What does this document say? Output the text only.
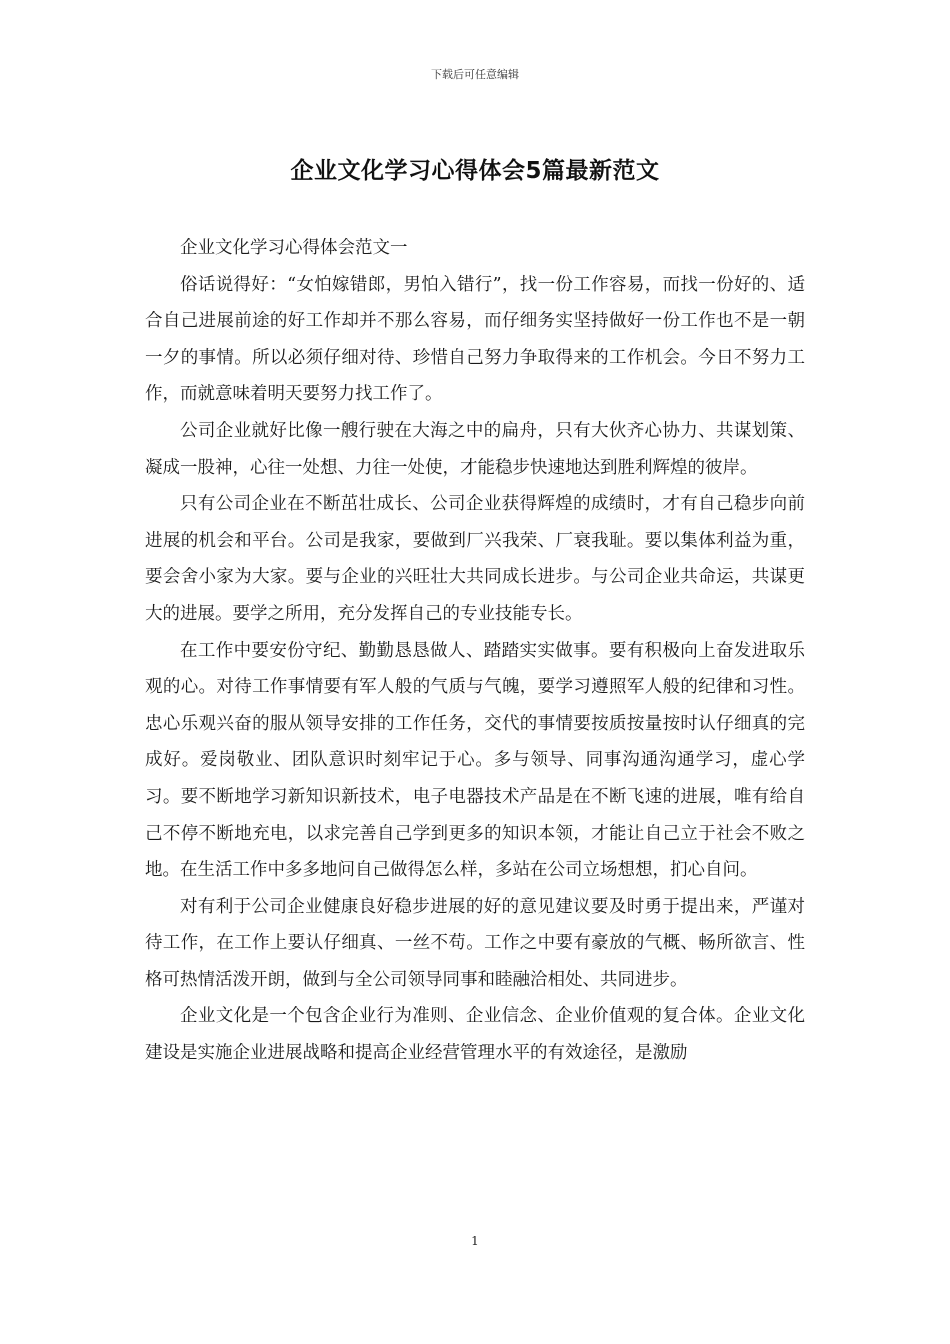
下载后可任意编辑
企业文化学习心得体会5篇最新范文

企业文化学习心得体会范文一

俗话说得好：“女怕嫁错郎，男怕入错行”，找一份工作容易，而找一份好的、适合自己进展前途的好工作却并不那么容易，而仔细务实坚持做好一份工作也不是一朝一夕的事情。所以必须仔细对待、珍惜自己努力争取得来的工作机会。今日不努力工作，而就意味着明天要努力找工作了。

公司企业就好比像一艘行驶在大海之中的扁舟，只有大伙齐心协力、共谋划策、凝成一股神，心往一处想、力往一处使，才能稳步快速地达到胜利辉煌的彼岸。

只有公司企业在不断茁壮成长、公司企业获得辉煌的成绩时，才有自己稳步向前进展的机会和平台。公司是我家，要做到厂兴我荣、厂衰我耻。要以集体利益为重，要会舍小家为大家。要与企业的兴旺壮大共同成长进步。与公司企业共命运，共谋更大的进展。要学之所用，充分发挥自己的专业技能专长。

在工作中要安份守纪、勤勤恳恳做人、踏踏实实做事。要有积极向上奋发进取乐观的心。对待工作事情要有军人般的气质与气魄，要学习遵照军人般的纪律和习性。忠心乐观兴奋的服从领导安排的工作任务，交代的事情要按质按量按时认仔细真的完成好。爱岗敬业、团队意识时刻牢记于心。多与领导、同事沟通沟通学习，虚心学习。要不断地学习新知识新技术，电子电器技术产品是在不断飞速的进展，唯有给自己不停不断地充电，以求完善自己学到更多的知识本领，才能让自己立于社会不败之地。在生活工作中多多地问自己做得怎么样，多站在公司立场想想，扪心自问。

对有利于公司企业健康良好稳步进展的好的意见建议要及时勇于提出来，严谨对待工作，在工作上要认仔细真、一丝不苟。工作之中要有豪放的气概、畅所欲言、性格可热情活泼开朗，做到与全公司领导同事和睦融洽相处、共同进步。

企业文化是一个包含企业行为准则、企业信念、企业价值观的复合体。企业文化建设是实施企业进展战略和提高企业经营管理水平的有效途径，是激励

1
